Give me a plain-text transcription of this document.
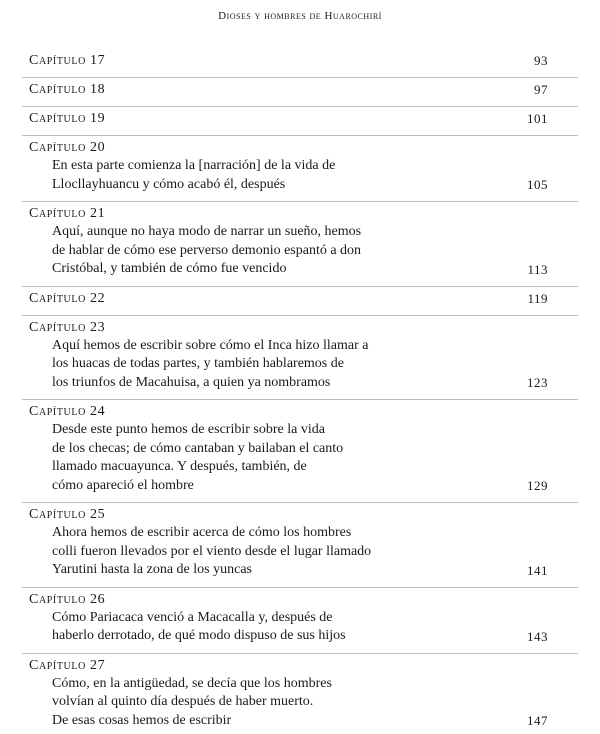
Dioses y hombres de Huarochirí
Capítulo 17	93
Capítulo 18	97
Capítulo 19	101
Capítulo 20
En esta parte comienza la [narración] de la vida de
Llocllayhuancu y cómo acabó él, después	105
Capítulo 21
Aquí, aunque no haya modo de narrar un sueño, hemos
de hablar de cómo ese perverso demonio espantó a don
Cristóbal, y también de cómo fue vencido	113
Capítulo 22	119
Capítulo 23
Aquí hemos de escribir sobre cómo el Inca hizo llamar a
los huacas de todas partes, y también hablaremos de
los triunfos de Macahuisa, a quien ya nombramos	123
Capítulo 24
Desde este punto hemos de escribir sobre la vida
de los checas; de cómo cantaban y bailaban el canto
llamado macuayunca. Y después, también, de
cómo apareció el hombre	129
Capítulo 25
Ahora hemos de escribir acerca de cómo los hombres
colli fueron llevados por el viento desde el lugar llamado
Yarutini hasta la zona de los yuncas	141
Capítulo 26
Cómo Pariacaca venció a Macacalla y, después de
haberlo derrotado, de qué modo dispuso de sus hijos	143
Capítulo 27
Cómo, en la antigüedad, se decía que los hombres
volvían al quinto día después de haber muerto.
De esas cosas hemos de escribir	147
